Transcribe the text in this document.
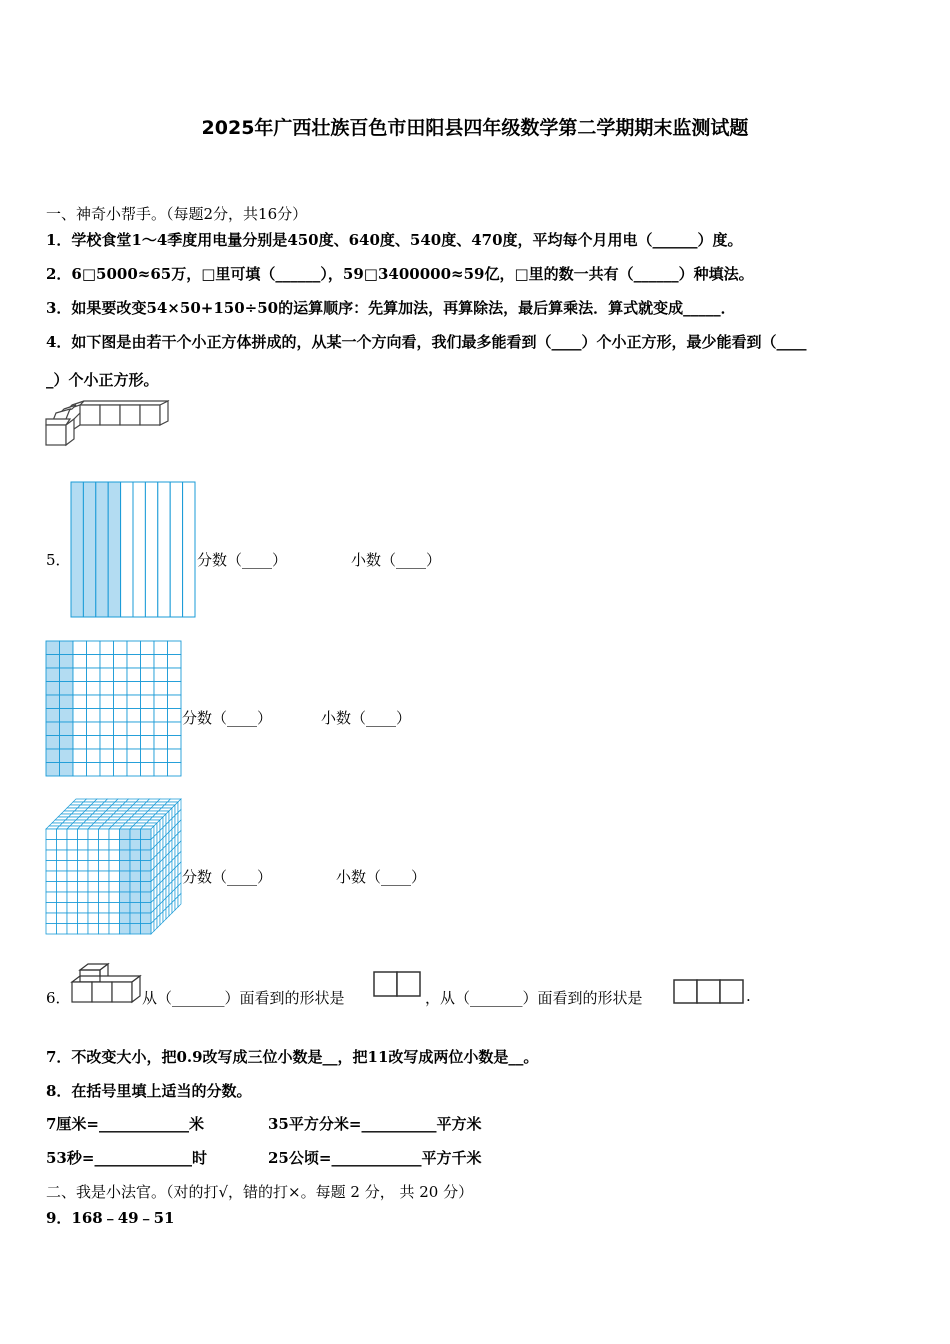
2025年广西壮族百色市田阳县四年级数学第二学期期末监测试题
一、神奇小帮手。（每题2分，共16分）
1．学校食堂1～4季度用电量分别是450度、640度、540度、470度，平均每个月用电（______）度。
2．6□5000≈65万，□里可填（______），59□3400000≈59亿，□里的数一共有（______）种填法。
3．如果要改变54×50+150÷50的运算顺序：先算加法，再算除法，最后算乘法．算式就变成_____．
4．如下图是由若干个小正方体拼成的，从某一个方向看，我们最多能看到（____）个小正方形，最少能看到（____
_）个小正方形。
5．	分数（____）	小数（____）
分数（____）	小数（____）
分数（____）	小数（____）
6．	从（_______）面看到的形状是	，从（_______）面看到的形状是	.
7．不改变大小，把0.9改写成三位小数是__，把11改写成两位小数是__。
8．在括号里填上适当的分数。
7厘米=____________米	35平方分米=__________平方米
53秒=_____________时	25公顷=____________平方千米
二、我是小法官。（对的打√，错的打×。每题 2 分， 共 20 分）
9．168﹣49﹣51
